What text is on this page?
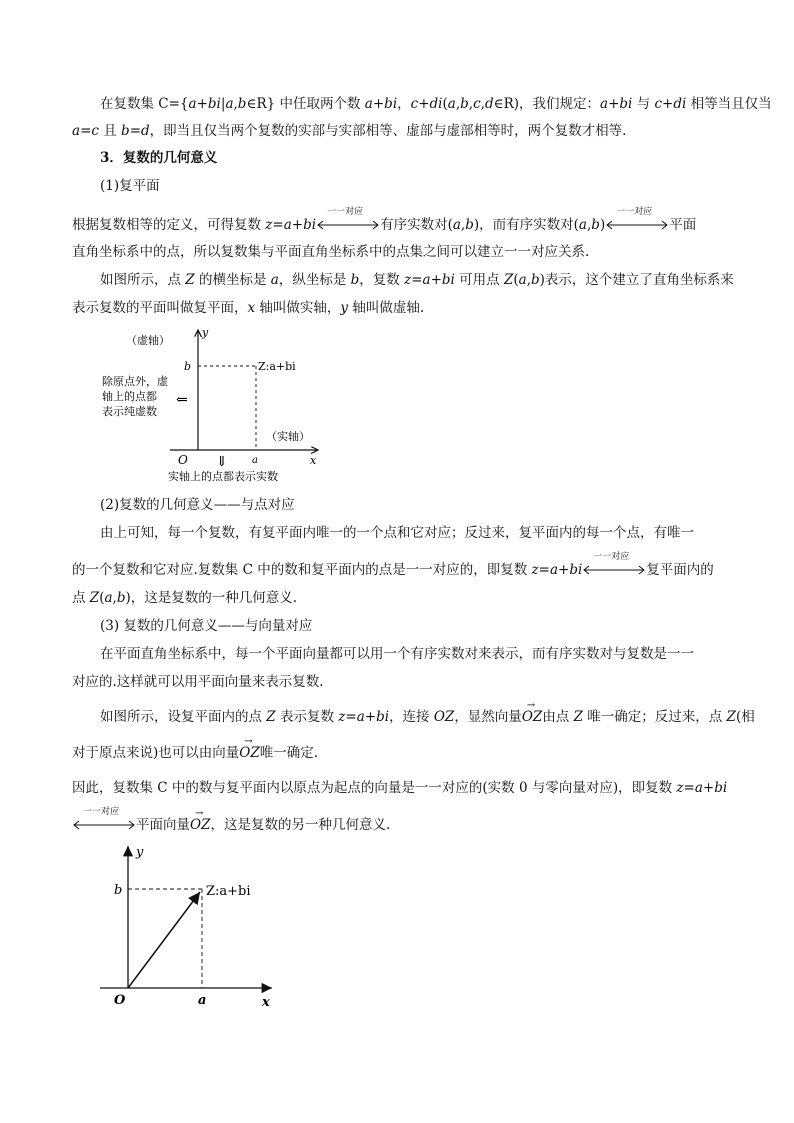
在复数集 C={a+bi|a,b∈R} 中任取两个数 a+bi，c+di(a,b,c,d∈R)，我们规定：a+bi 与 c+di 相等当且仅当
a=c 且 b=d，即当且仅当两个复数的实部与实部相等、虚部与虚部相等时，两个复数才相等.
3．复数的几何意义
(1)复平面
根据复数相等的定义，可得复数 z=a+bi
一一对应
有序实数对(a,b)，而有序实数对(a,b)
一一对应
平面
直角坐标系中的点，所以复数集与平面直角坐标系中的点集之间可以建立一一对应关系.
如图所示，点 Z 的横坐标是 a，纵坐标是 b，复数 z=a+bi 可用点 Z(a,b)表示，这个建立了直角坐标系来
表示复数的平面叫做复平面，x 轴叫做实轴，y 轴叫做虚轴.
y
x
O
（虚轴）
（实轴）
b
a
Z:a+bi
除原点外，虚
轴上的点都
表示纯虚数
⇐
⇓
实轴上的点都表示实数
(2)复数的几何意义——与点对应
由上可知，每一个复数，有复平面内唯一的一个点和它对应；反过来，复平面内的每一个点，有唯一
的一个复数和它对应.复数集 C 中的数和复平面内的点是一一对应的，即复数 z=a+bi
一一对应
复平面内的
点 Z(a,b)，这是复数的一种几何意义.
(3) 复数的几何意义——与向量对应
在平面直角坐标系中，每一个平面向量都可以用一个有序实数对来表示，而有序实数对与复数是一一
对应的.这样就可以用平面向量来表示复数.
如图所示，设复平面内的点 Z 表示复数 z=a+bi，连接 OZ，显然向量→ OZ由点 Z 唯一确定；反过来，点 Z(相
对于原点来说)也可以由向量→ OZ唯一确定.
因此，复数集 C 中的数与复平面内以原点为起点的向量是一一对应的(实数 0 与零向量对应)，即复数 z=a+bi
一一对应
平面向量→ OZ，这是复数的另一种几何意义.
y
x
O
b
a
Z:a+bi
